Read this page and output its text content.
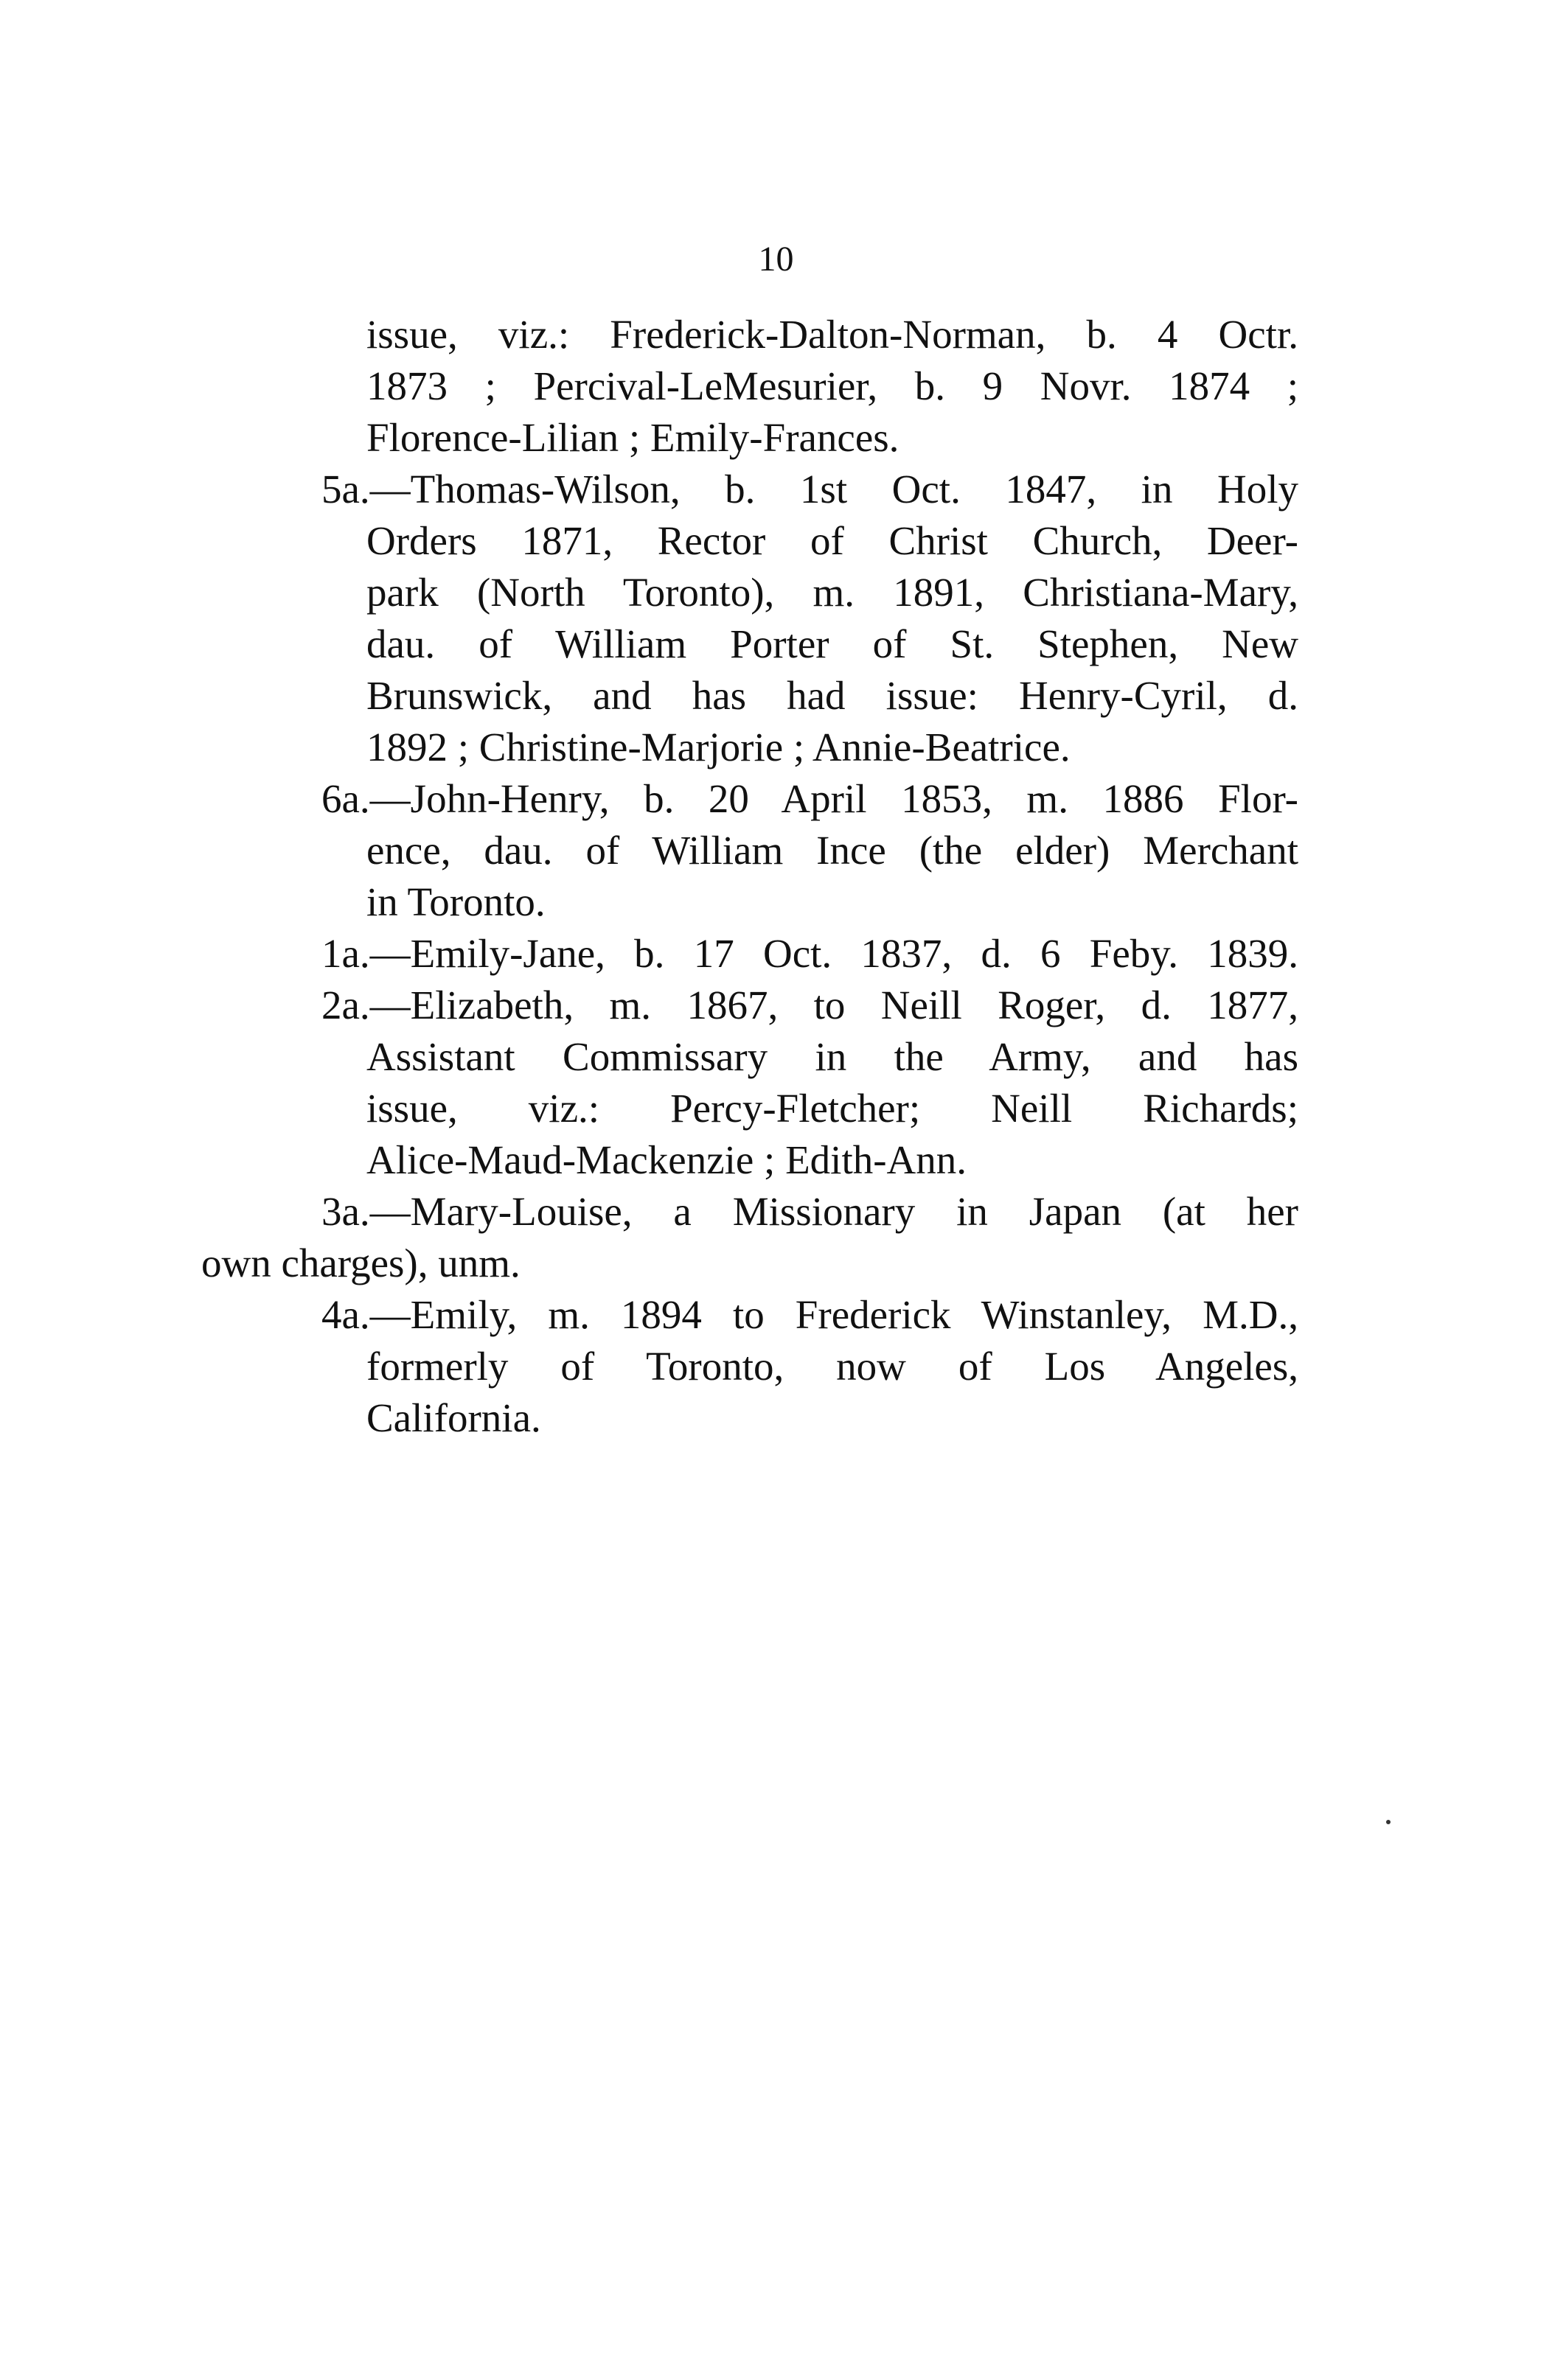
10
issue, viz.: Frederick-Dalton-Norman, b. 4 Octr.
1873 ; Percival-LeMesurier, b. 9 Novr. 1874 ;
Florence-Lilian ; Emily-Frances.
5a.—Thomas-Wilson, b. 1st Oct. 1847, in Holy
Orders 1871, Rector of Christ Church, Deer-
park (North Toronto), m. 1891, Christiana-Mary,
dau. of William Porter of St. Stephen, New
Brunswick, and has had issue: Henry-Cyril, d.
1892 ; Christine-Marjorie ; Annie-Beatrice.
6a.—John-Henry, b. 20 April 1853, m. 1886 Flor-
ence, dau. of William Ince (the elder) Merchant
in Toronto.
1a.—Emily-Jane, b. 17 Oct. 1837, d. 6 Feby. 1839.
2a.—Elizabeth, m. 1867, to Neill Roger, d. 1877,
Assistant Commissary in the Army, and has
issue, viz.: Percy-Fletcher; Neill Richards;
Alice-Maud-Mackenzie ; Edith-Ann.
3a.—Mary-Louise, a Missionary in Japan (at her
own charges), unm.
4a.—Emily, m. 1894 to Frederick Winstanley, M.D.,
formerly of Toronto, now of Los Angeles,
California.
